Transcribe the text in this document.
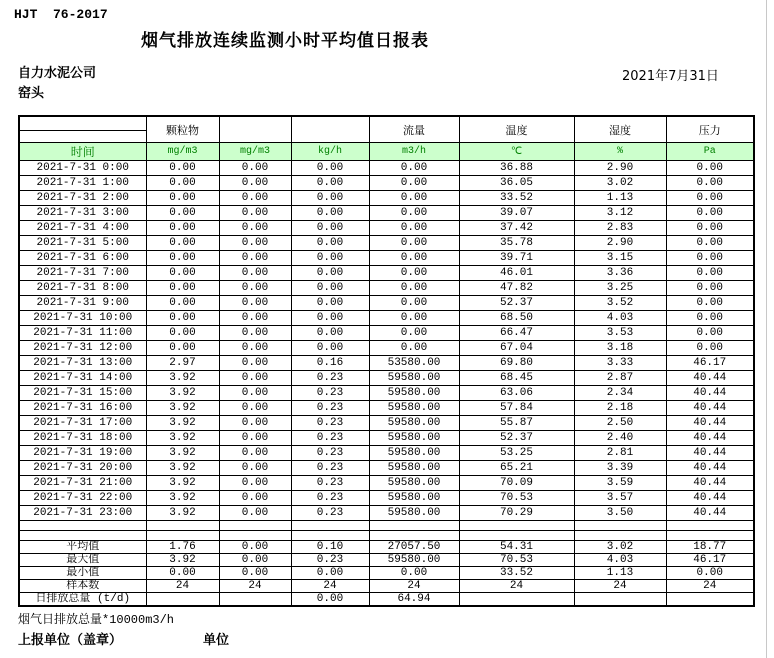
HJT  76-2017
烟气排放连续监测小时平均值日报表
自力水泥公司	2021年7月31日
窑头
	颗粒物			流量	温度	湿度	压力

时间	mg/m3	mg/m3	kg/h	m3/h	℃	%	Pa
2021-7-31 0:00	0.00	0.00	0.00	0.00	36.88	2.90	0.00
2021-7-31 1:00	0.00	0.00	0.00	0.00	36.05	3.02	0.00
2021-7-31 2:00	0.00	0.00	0.00	0.00	33.52	1.13	0.00
2021-7-31 3:00	0.00	0.00	0.00	0.00	39.07	3.12	0.00
2021-7-31 4:00	0.00	0.00	0.00	0.00	37.42	2.83	0.00
2021-7-31 5:00	0.00	0.00	0.00	0.00	35.78	2.90	0.00
2021-7-31 6:00	0.00	0.00	0.00	0.00	39.71	3.15	0.00
2021-7-31 7:00	0.00	0.00	0.00	0.00	46.01	3.36	0.00
2021-7-31 8:00	0.00	0.00	0.00	0.00	47.82	3.25	0.00
2021-7-31 9:00	0.00	0.00	0.00	0.00	52.37	3.52	0.00
2021-7-31 10:00	0.00	0.00	0.00	0.00	68.50	4.03	0.00
2021-7-31 11:00	0.00	0.00	0.00	0.00	66.47	3.53	0.00
2021-7-31 12:00	0.00	0.00	0.00	0.00	67.04	3.18	0.00
2021-7-31 13:00	2.97	0.00	0.16	53580.00	69.80	3.33	46.17
2021-7-31 14:00	3.92	0.00	0.23	59580.00	68.45	2.87	40.44
2021-7-31 15:00	3.92	0.00	0.23	59580.00	63.06	2.34	40.44
2021-7-31 16:00	3.92	0.00	0.23	59580.00	57.84	2.18	40.44
2021-7-31 17:00	3.92	0.00	0.23	59580.00	55.87	2.50	40.44
2021-7-31 18:00	3.92	0.00	0.23	59580.00	52.37	2.40	40.44
2021-7-31 19:00	3.92	0.00	0.23	59580.00	53.25	2.81	40.44
2021-7-31 20:00	3.92	0.00	0.23	59580.00	65.21	3.39	40.44
2021-7-31 21:00	3.92	0.00	0.23	59580.00	70.09	3.59	40.44
2021-7-31 22:00	3.92	0.00	0.23	59580.00	70.53	3.57	40.44
2021-7-31 23:00	3.92	0.00	0.23	59580.00	70.29	3.50	40.44

平均值	1.76	0.00	0.10	27057.50	54.31	3.02	18.77
最大值	3.92	0.00	0.23	59580.00	70.53	4.03	46.17
最小值	0.00	0.00	0.00	0.00	33.52	1.13	0.00
样本数	24	24	24	24	24	24	24
日排放总量 (t/d)			0.00	64.94			
烟气日排放总量*10000m3/h
上报单位（盖章）	单位
